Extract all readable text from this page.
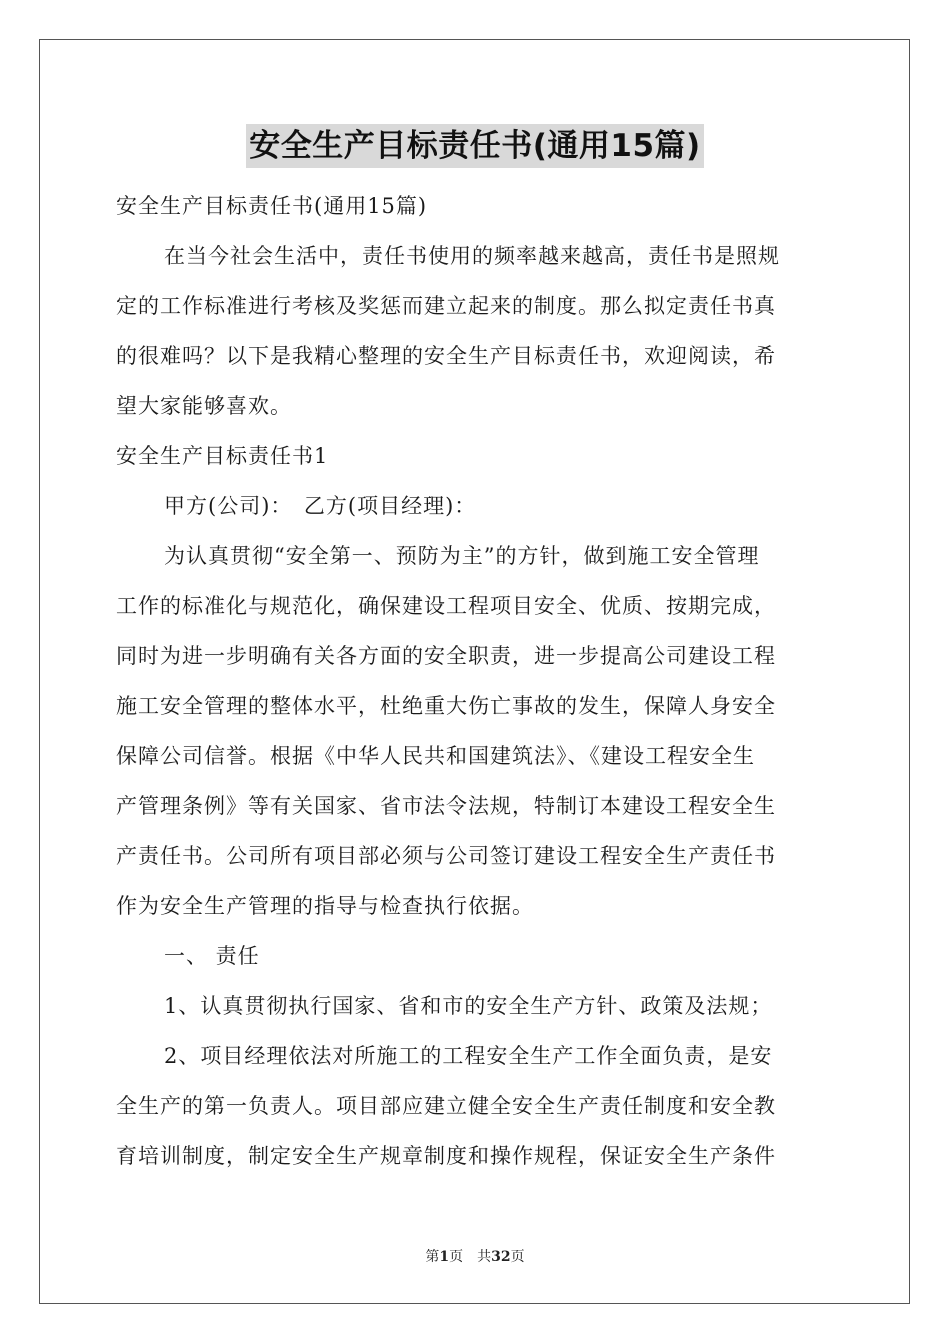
安全生产目标责任书(通用15篇)
安全生产目标责任书(通用15篇)
在当今社会生活中，责任书使用的频率越来越高，责任书是照规
定的工作标准进行考核及奖惩而建立起来的制度。那么拟定责任书真
的很难吗？以下是我精心整理的安全生产目标责任书，欢迎阅读，希
望大家能够喜欢。
安全生产目标责任书1
甲方(公司)：　乙方(项目经理)：
为认真贯彻“安全第一、预防为主”的方针，做到施工安全管理
工作的标准化与规范化，确保建设工程项目安全、优质、按期完成，
同时为进一步明确有关各方面的安全职责，进一步提高公司建设工程
施工安全管理的整体水平，杜绝重大伤亡事故的发生，保障人身安全
保障公司信誉。根据《中华人民共和国建筑法》、《建设工程安全生
产管理条例》等有关国家、省市法令法规，特制订本建设工程安全生
产责任书。公司所有项目部必须与公司签订建设工程安全生产责任书
作为安全生产管理的指导与检查执行依据。
一、 责任
1、认真贯彻执行国家、省和市的安全生产方针、政策及法规；
2、项目经理依法对所施工的工程安全生产工作全面负责，是安
全生产的第一负责人。项目部应建立健全安全生产责任制度和安全教
育培训制度，制定安全生产规章制度和操作规程，保证安全生产条件
第1页　共32页
